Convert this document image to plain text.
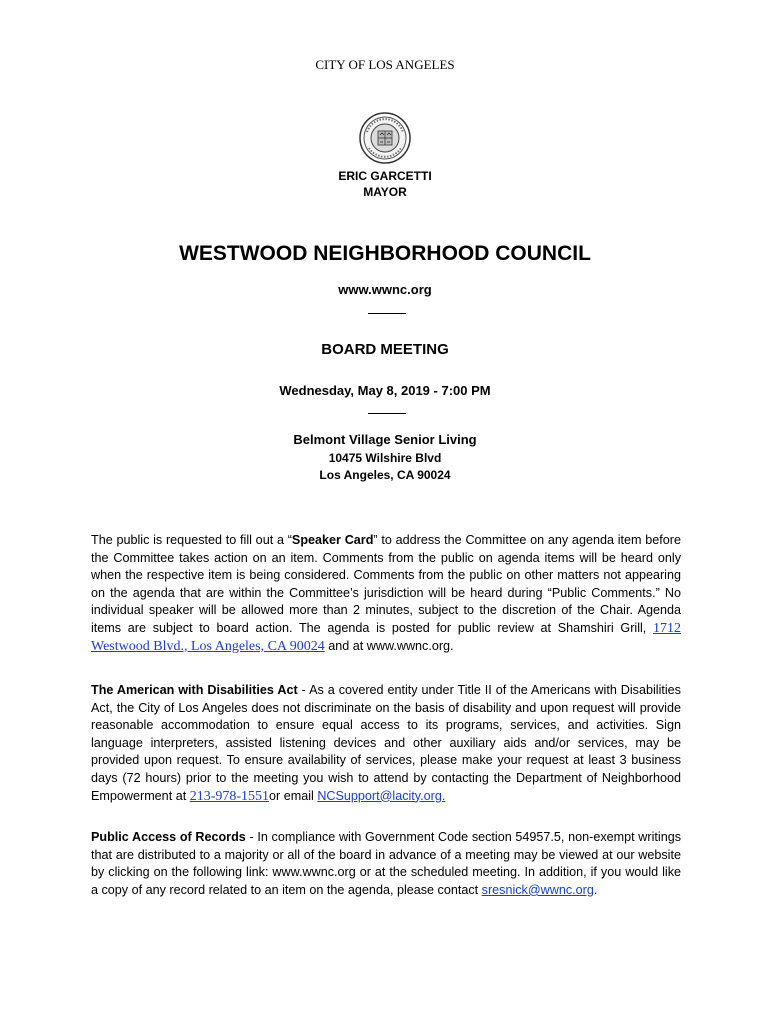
CITY OF LOS ANGELES
ERIC GARCETTI
MAYOR
WESTWOOD NEIGHBORHOOD COUNCIL
www.wwnc.org
BOARD MEETING
Wednesday, May 8, 2019 - 7:00 PM
Belmont Village Senior Living
10475 Wilshire Blvd
Los Angeles, CA 90024
The public is requested to fill out a “Speaker Card” to address the Committee on any agenda item before the Committee takes action on an item. Comments from the public on agenda items will be heard only when the respective item is being considered. Comments from the public on other matters not appearing on the agenda that are within the Committee’s jurisdiction will be heard during “Public Comments.” No individual speaker will be allowed more than 2 minutes, subject to the discretion of the Chair. Agenda items are subject to board action. The agenda is posted for public review at Shamshiri Grill, 1712 Westwood Blvd., Los Angeles, CA 90024 and at www.wwnc.org.
The American with Disabilities Act - As a covered entity under Title II of the Americans with Disabilities Act, the City of Los Angeles does not discriminate on the basis of disability and upon request will provide reasonable accommodation to ensure equal access to its programs, services, and activities. Sign language interpreters, assisted listening devices and other auxiliary aids and/or services, may be provided upon request. To ensure availability of services, please make your request at least 3 business days (72 hours) prior to the meeting you wish to attend by contacting the Department of Neighborhood Empowerment at 213-978-1551or email NCSupport@lacity.org.
Public Access of Records - In compliance with Government Code section 54957.5, non-exempt writings that are distributed to a majority or all of the board in advance of a meeting may be viewed at our website by clicking on the following link: www.wwnc.org or at the scheduled meeting. In addition, if you would like a copy of any record related to an item on the agenda, please contact sresnick@wwnc.org.
